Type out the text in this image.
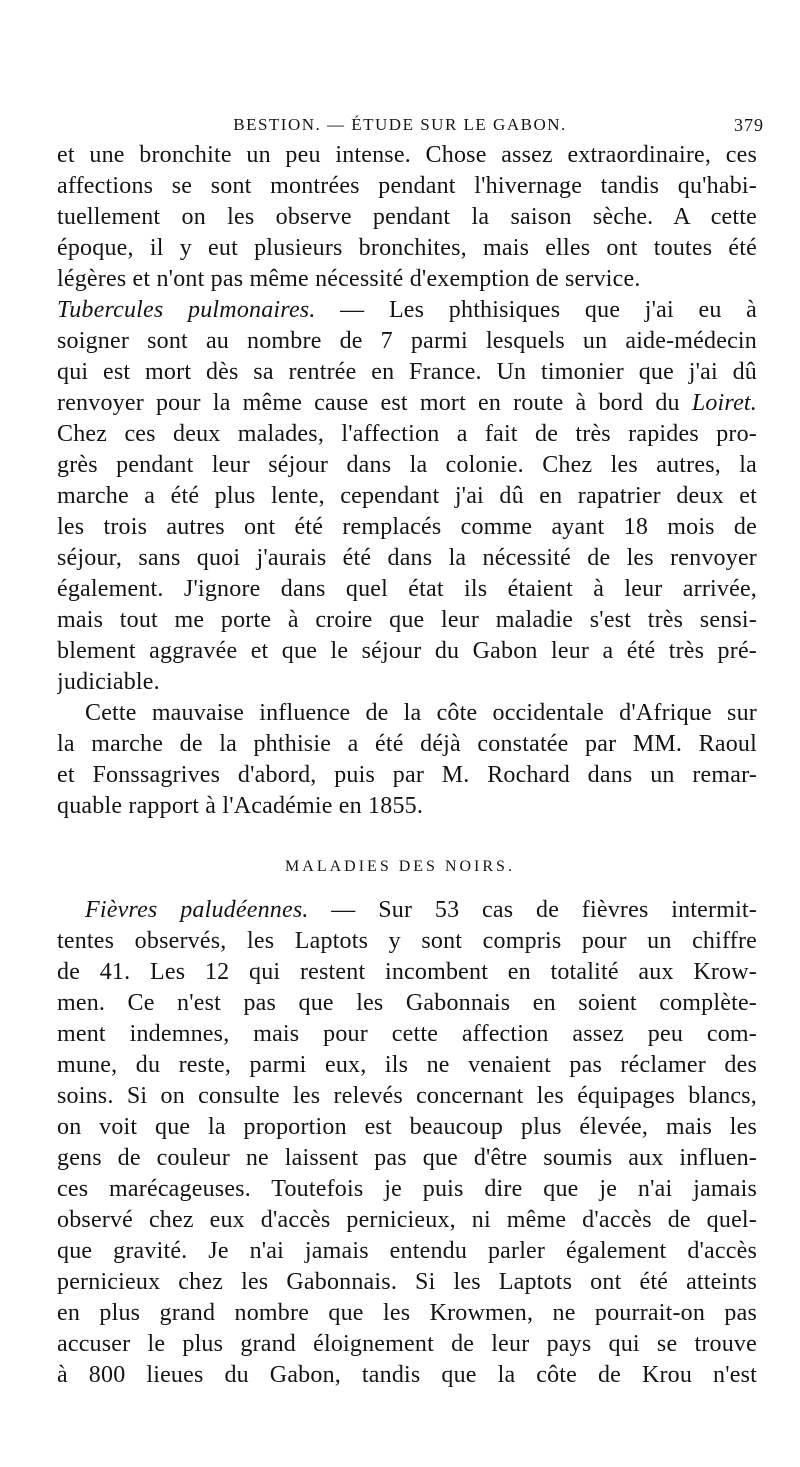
BESTION. — ÉTUDE SUR LE GABON.	379
et une bronchite un peu intense. Chose assez extraordinaire, ces
affections se sont montrées pendant l'hivernage tandis qu'habi-
tuellement on les observe pendant la saison sèche. A cette
époque, il y eut plusieurs bronchites, mais elles ont toutes été
légères et n'ont pas même nécessité d'exemption de service.
Tubercules pulmonaires. — Les phthisiques que j'ai eu à
soigner sont au nombre de 7 parmi lesquels un aide-médecin
qui est mort dès sa rentrée en France. Un timonier que j'ai dû
renvoyer pour la même cause est mort en route à bord du Loiret.
Chez ces deux malades, l'affection a fait de très rapides pro-
grès pendant leur séjour dans la colonie. Chez les autres, la
marche a été plus lente, cependant j'ai dû en rapatrier deux et
les trois autres ont été remplacés comme ayant 18 mois de
séjour, sans quoi j'aurais été dans la nécessité de les renvoyer
également. J'ignore dans quel état ils étaient à leur arrivée,
mais tout me porte à croire que leur maladie s'est très sensi-
blement aggravée et que le séjour du Gabon leur a été très pré-
judiciable.
Cette mauvaise influence de la côte occidentale d'Afrique sur
la marche de la phthisie a été déjà constatée par MM. Raoul
et Fonssagrives d'abord, puis par M. Rochard dans un remar-
quable rapport à l'Académie en 1855.
MALADIES DES NOIRS.
Fièvres paludéennes. — Sur 53 cas de fièvres intermit-
tentes observés, les Laptots y sont compris pour un chiffre
de 41. Les 12 qui restent incombent en totalité aux Krow-
men. Ce n'est pas que les Gabonnais en soient complète-
ment indemnes, mais pour cette affection assez peu com-
mune, du reste, parmi eux, ils ne venaient pas réclamer des
soins. Si on consulte les relevés concernant les équipages blancs,
on voit que la proportion est beaucoup plus élevée, mais les
gens de couleur ne laissent pas que d'être soumis aux influen-
ces marécageuses. Toutefois je puis dire que je n'ai jamais
observé chez eux d'accès pernicieux, ni même d'accès de quel-
que gravité. Je n'ai jamais entendu parler également d'accès
pernicieux chez les Gabonnais. Si les Laptots ont été atteints
en plus grand nombre que les Krowmen, ne pourrait-on pas
accuser le plus grand éloignement de leur pays qui se trouve
à 800 lieues du Gabon, tandis que la côte de Krou n'est
